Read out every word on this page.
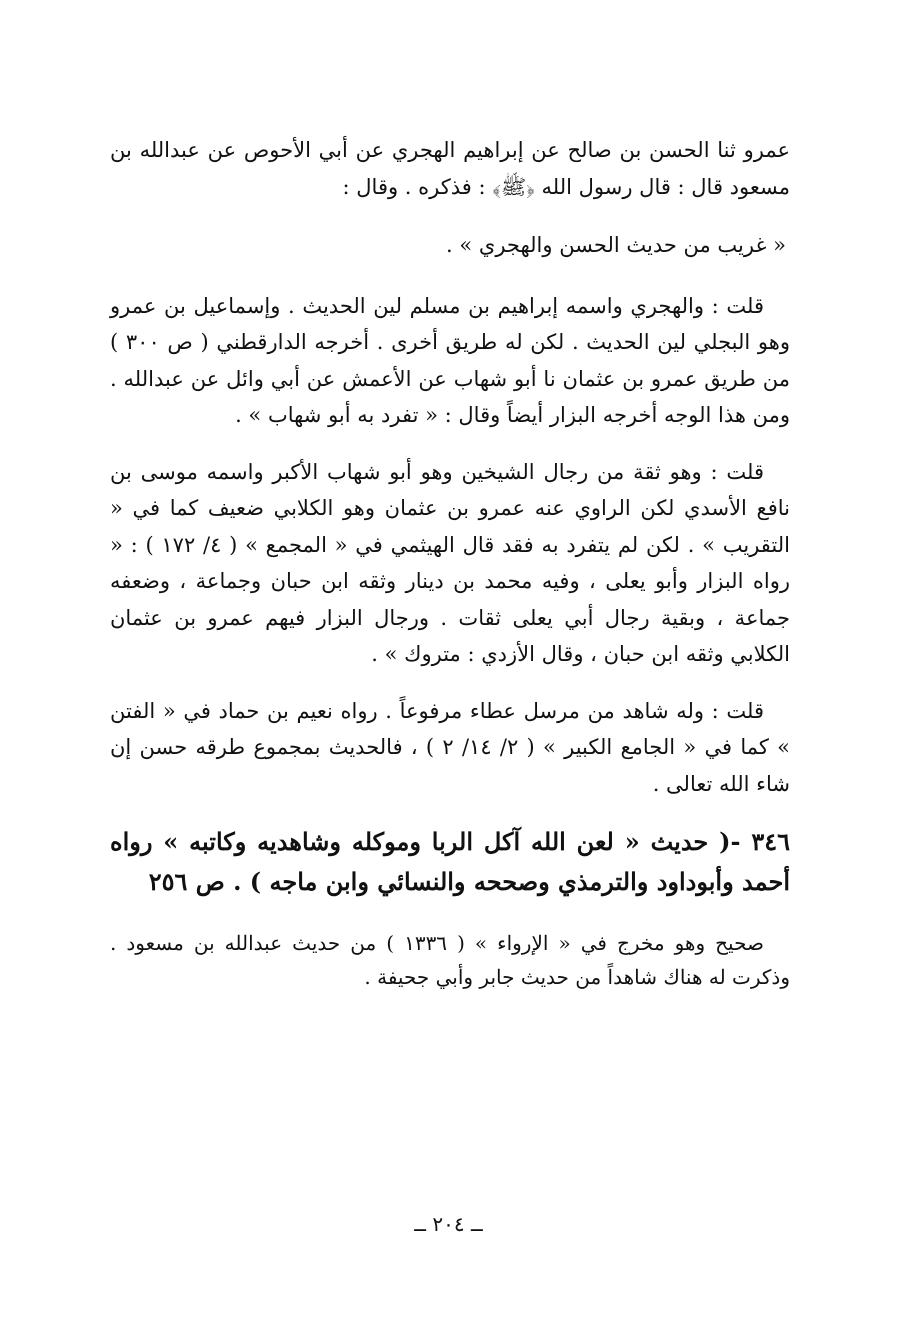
عمرو ثنا الحسن بن صالح عن إبراهيم الهجري عن أبي الأحوص عن عبدالله بن مسعود قال : قال رسول الله ﴿ﷺ﴾ : فذكره . وقال :

« غريب من حديث الحسن والهجري » .

قلت : والهجري واسمه إبراهيم بن مسلم لين الحديث . وإسماعيل بن عمرو وهو البجلي لين الحديث . لكن له طريق أخرى . أخرجه الدارقطني ( ص ٣٠٠ ) من طريق عمرو بن عثمان نا أبو شهاب عن الأعمش عن أبي وائل عن عبدالله . ومن هذا الوجه أخرجه البزار أيضاً وقال : « تفرد به أبو شهاب » .

قلت : وهو ثقة من رجال الشيخين وهو أبو شهاب الأكبر واسمه موسى بن نافع الأسدي لكن الراوي عنه عمرو بن عثمان وهو الكلابي ضعيف كما في « التقريب » . لكن لم يتفرد به فقد قال الهيثمي في « المجمع » ( ٤/ ١٧٢ ) : « رواه البزار وأبو يعلى ، وفيه محمد بن دينار وثقه ابن حبان وجماعة ، وضعفه جماعة ، وبقية رجال أبي يعلى ثقات . ورجال البزار فيهم عمرو بن عثمان الكلابي وثقه ابن حبان ، وقال الأزدي : متروك » .

قلت : وله شاهد من مرسل عطاء مرفوعاً . رواه نعيم بن حماد في « الفتن » كما في « الجامع الكبير » ( ٢/ ١٤/ ٢ ) ، فالحديث بمجموع طرقه حسن إن شاء الله تعالى .

٣٤٦ -( حديث « لعن الله آكل الربا وموكله وشاهديه وكاتبه » رواه أحمد وأبوداود والترمذي وصححه والنسائي وابن ماجه ) . ص ٢٥٦

صحيح وهو مخرج في « الإرواء » ( ١٣٣٦ ) من حديث عبدالله بن مسعود . وذكرت له هناك شاهداً من حديث جابر وأبي جحيفة .

ــ ٢٠٤ ــ
